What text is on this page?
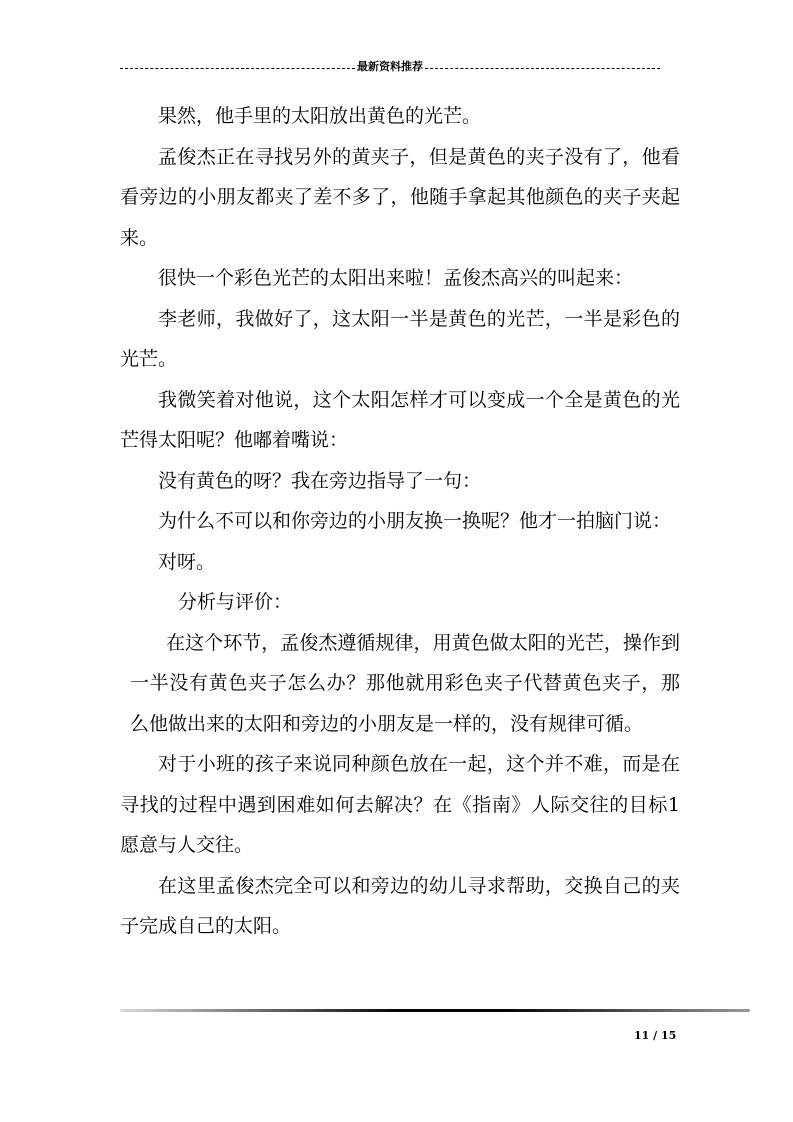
最新资料推荐

果然，他手里的太阳放出黄色的光芒。

孟俊杰正在寻找另外的黄夹子，但是黄色的夹子没有了，他看看旁边的小朋友都夹了差不多了，他随手拿起其他颜色的夹子夹起来。

很快一个彩色光芒的太阳出来啦！孟俊杰高兴的叫起来：

李老师，我做好了，这太阳一半是黄色的光芒，一半是彩色的光芒。

我微笑着对他说，这个太阳怎样才可以变成一个全是黄色的光芒得太阳呢？他嘟着嘴说：

没有黄色的呀？我在旁边指导了一句：

为什么不可以和你旁边的小朋友换一换呢？他才一拍脑门说：

对呀。

分析与评价：

在这个环节，孟俊杰遵循规律，用黄色做太阳的光芒，操作到一半没有黄色夹子怎么办？那他就用彩色夹子代替黄色夹子，那么他做出来的太阳和旁边的小朋友是一样的，没有规律可循。

对于小班的孩子来说同种颜色放在一起，这个并不难，而是在寻找的过程中遇到困难如何去解决？在《指南》人际交往的目标1愿意与人交往。

在这里孟俊杰完全可以和旁边的幼儿寻求帮助，交换自己的夹子完成自己的太阳。

11 / 15
